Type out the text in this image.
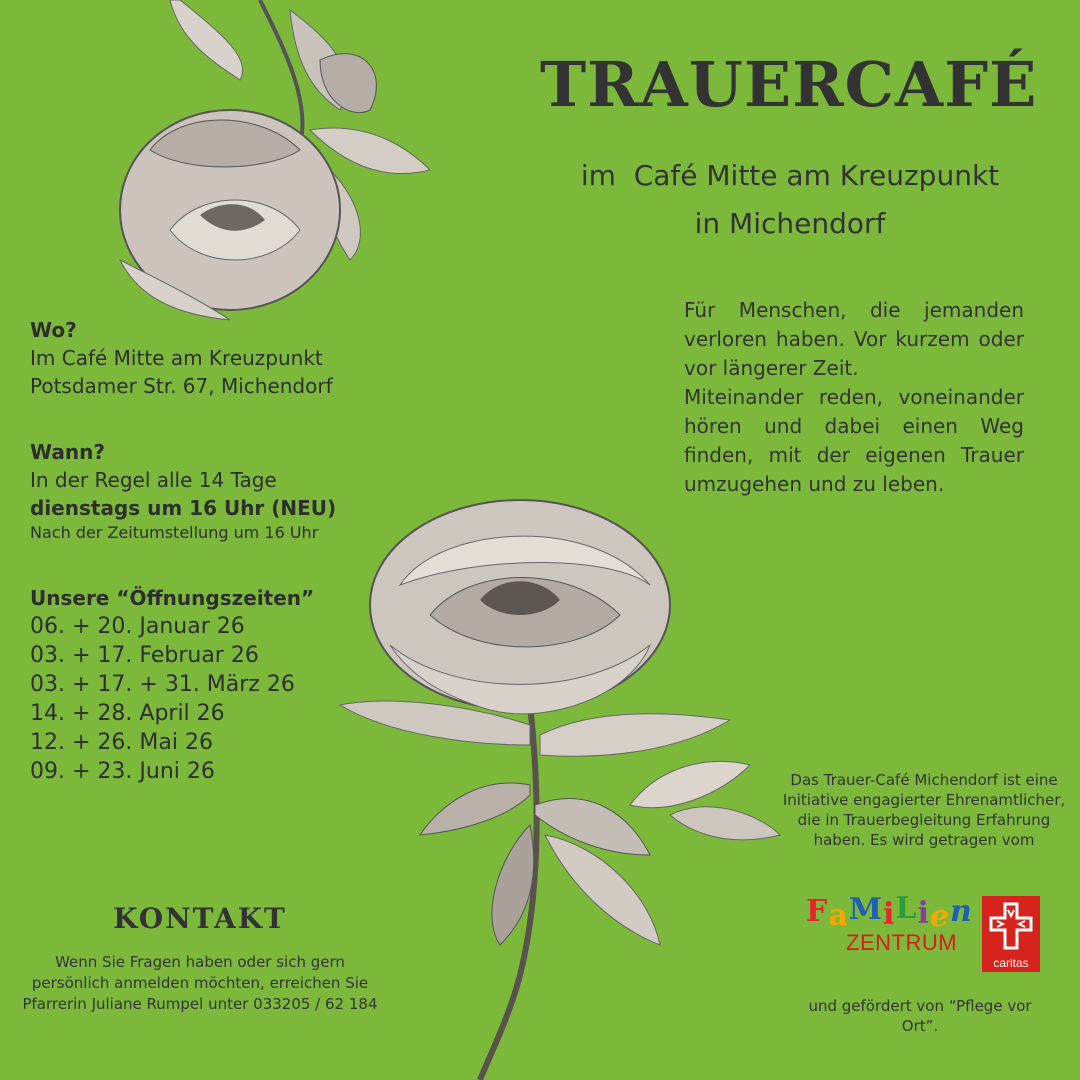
TRAUERCAFÉ
im  Café Mitte am Kreuzpunkt
in Michendorf

Für Menschen, die jemanden verloren haben. Vor kurzem oder vor längerer Zeit.

Miteinander reden, voneinander hören und dabei einen Weg finden, mit der eigenen Trauer umzugehen und zu leben.

Wo?
Im Café Mitte am Kreuzpunkt
Potsdamer Str. 67, Michendorf
Wann?
In der Regel alle 14 Tage
dienstags um 16 Uhr (NEU)
Nach der Zeitumstellung um 16 Uhr
Unsere “Öffnungszeiten”
06. + 20. Januar 26
03. + 17. Februar 26
03. + 17. + 31. März 26
14. + 28. April 26
12. + 26. Mai 26
09. + 23. Juni 26
KONTAKT
Wenn Sie Fragen haben oder sich gern persönlich anmelden möchten, erreichen Sie Pfarrerin Juliane Rumpel unter 033205 / 62 184
Das Trauer-Café Michendorf ist eine Initiative engagierter Ehrenamtlicher, die in Trauerbegleitung Erfahrung haben. Es wird getragen vom
FaMiLien
ZENTRUM
caritas
und gefördert von “Pflege vor Ort”.
